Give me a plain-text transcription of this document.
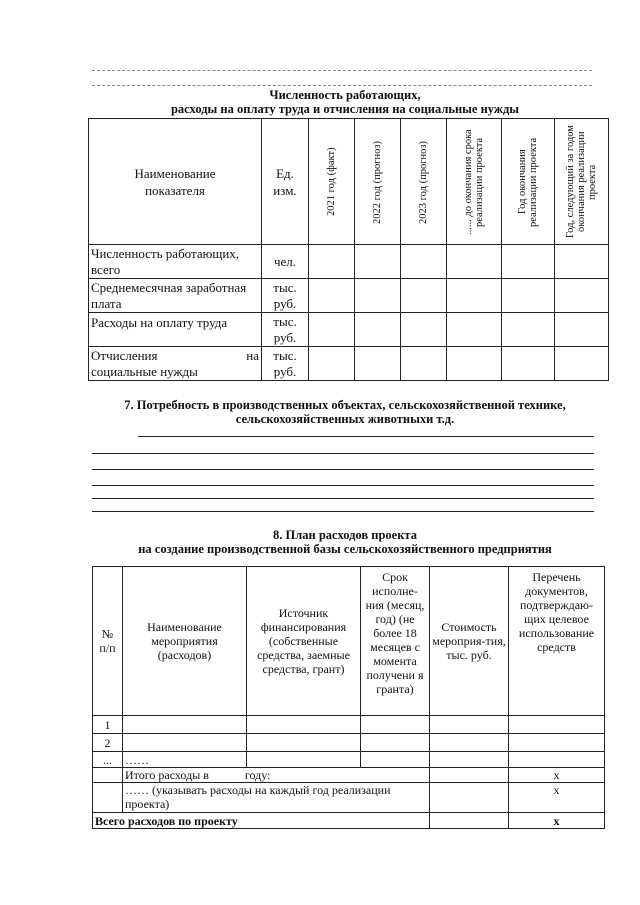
Численность работающих,
расходы на оплату труда и отчисления на социальные нужды
Наименование показателя	Ед. изм.	2021 год (факт)	2022 год (прогноз)	2023 год (прогноз)	...... до окончания срока реализации проекта	Год окончания реализации проекта	Год, следующий за годом окончания реализации проекта

Численность работающих, всего	чел.						
Среднемесячная заработная плата	тыс. руб.						
Расходы на оплату труда	тыс. руб.						

Отчисления на
социальные нужды	тыс. руб.						
7. Потребность в производственных объектах, сельскохозяйственной технике,
сельскохозяйственных животныхи т.д.
8. План расходов проекта
на создание производственной базы сельскохозяйственного предприятия
№ п/п	Наименование мероприятия (расходов)	Источник финансирования (собственные средства, заемные средства, грант)	Срок исполне-ния (месяц, год) (не более 18 месяцев с момента получени я гранта)	Стоимость мероприя-тия, тыс. руб.	Перечень документов, подтверждаю-щих целевое использование средств
1					
2					
...	……				
	Итого расходы в            году:				х
	…… (указывать расходы на каждый год реализации проекта)				х
Всего расходов по проекту					х
